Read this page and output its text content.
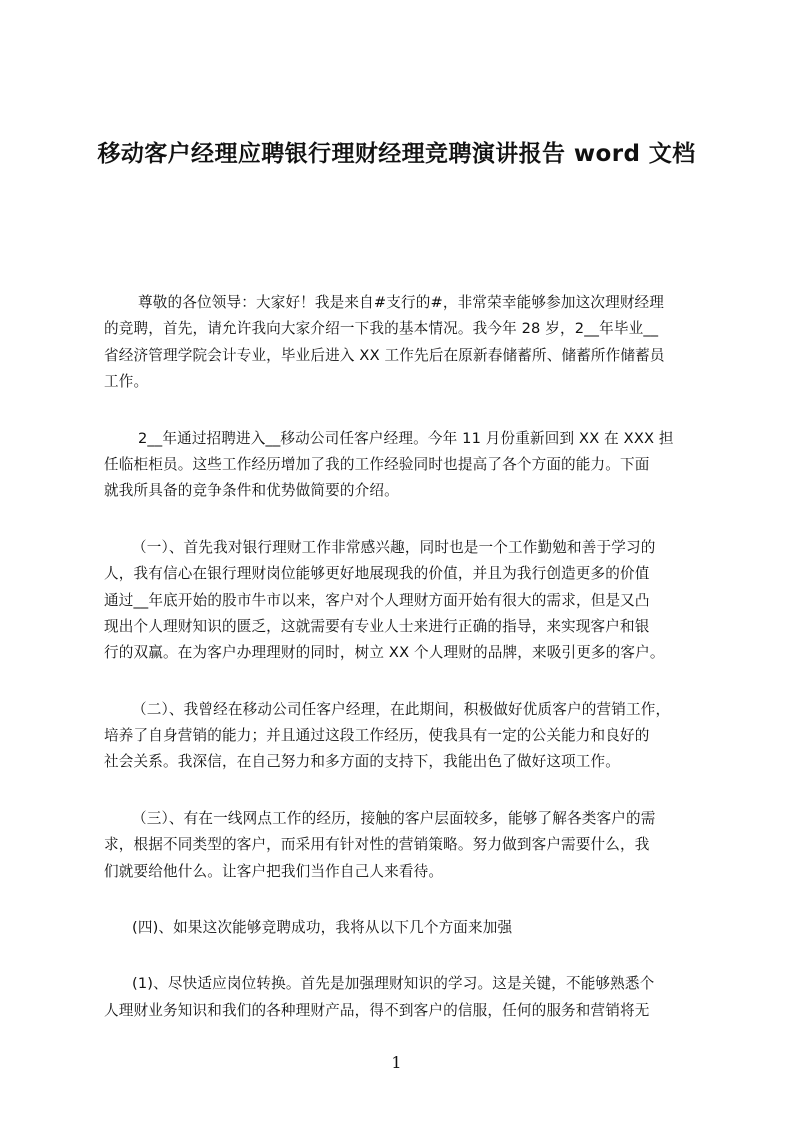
移动客户经理应聘银行理财经理竞聘演讲报告 word 文档
尊敬的各位领导：大家好！我是来自#支行的#，非常荣幸能够参加这次理财经理
的竞聘，首先，请允许我向大家介绍一下我的基本情况。我今年 28 岁，2__年毕业__
省经济管理学院会计专业，毕业后进入 XX 工作先后在原新春储蓄所、储蓄所作储蓄员
工作。
2__年通过招聘进入__移动公司任客户经理。今年 11 月份重新回到 XX 在 XXX 担
任临柜柜员。这些工作经历增加了我的工作经验同时也提高了各个方面的能力。下面
就我所具备的竞争条件和优势做简要的介绍。
（一）、首先我对银行理财工作非常感兴趣，同时也是一个工作勤勉和善于学习的
人，我有信心在银行理财岗位能够更好地展现我的价值，并且为我行创造更多的价值
通过__年底开始的股市牛市以来，客户对个人理财方面开始有很大的需求，但是又凸
现出个人理财知识的匮乏，这就需要有专业人士来进行正确的指导，来实现客户和银
行的双赢。在为客户办理理财的同时，树立 XX 个人理财的品牌，来吸引更多的客户。
（二）、我曾经在移动公司任客户经理，在此期间，积极做好优质客户的营销工作，
培养了自身营销的能力；并且通过这段工作经历，使我具有一定的公关能力和良好的
社会关系。我深信，在自己努力和多方面的支持下，我能出色了做好这项工作。
（三）、有在一线网点工作的经历，接触的客户层面较多，能够了解各类客户的需
求，根据不同类型的客户，而采用有针对性的营销策略。努力做到客户需要什么，我
们就要给他什么。让客户把我们当作自己人来看待。
(四)、如果这次能够竞聘成功，我将从以下几个方面来加强
(1)、尽快适应岗位转换。首先是加强理财知识的学习。这是关键，不能够熟悉个
人理财业务知识和我们的各种理财产品，得不到客户的信服，任何的服务和营销将无
1
